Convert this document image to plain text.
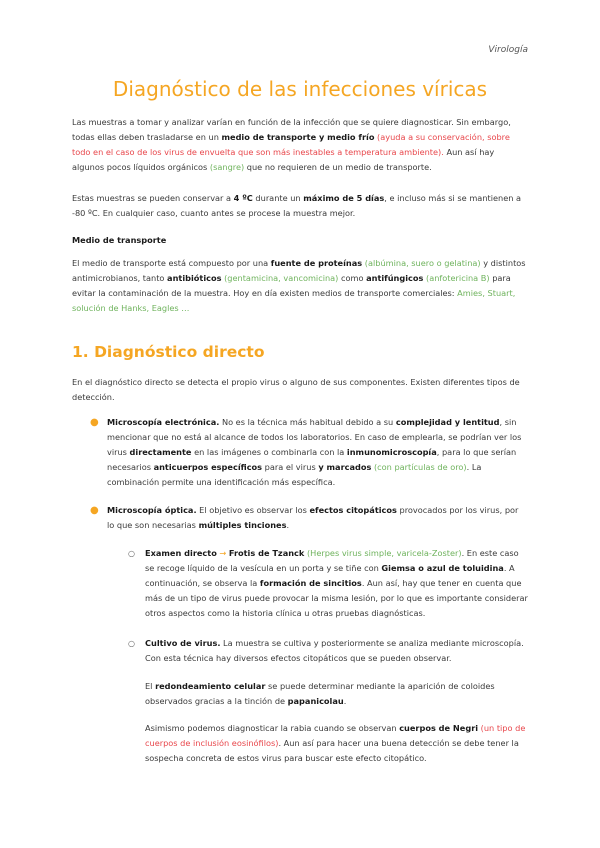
Virología
Diagnóstico de las infecciones víricas

Las muestras a tomar y analizar varían en función de la infección que se quiere diagnosticar. Sin embargo, todas ellas deben trasladarse en un medio de transporte y medio frío (ayuda a su conservación, sobre todo en el caso de los virus de envuelta que son más inestables a temperatura ambiente). Aun así hay algunos pocos líquidos orgánicos (sangre) que no requieren de un medio de transporte.

Estas muestras se pueden conservar a 4 ºC durante un máximo de 5 días, e incluso más si se mantienen a -80 ºC. En cualquier caso, cuanto antes se procese la muestra mejor.

Medio de transporte

El medio de transporte está compuesto por una fuente de proteínas (albúmina, suero o gelatina) y distintos antimicrobianos, tanto antibióticos (gentamicina, vancomicina) como antifúngicos (anfotericina B) para evitar la contaminación de la muestra. Hoy en día existen medios de transporte comerciales: Amies, Stuart, solución de Hanks, Eagles …

1. Diagnóstico directo

En el diagnóstico directo se detecta el propio virus o alguno de sus componentes. Existen diferentes tipos de detección.

● Microscopía electrónica. No es la técnica más habitual debido a su complejidad y lentitud, sin mencionar que no está al alcance de todos los laboratorios. En caso de emplearla, se podrían ver los virus directamente en las imágenes o combinarla con la inmunomicroscopía, para lo que serían necesarios anticuerpos específicos para el virus y marcados (con partículas de oro). La combinación permite una identificación más específica.

● Microscopía óptica. El objetivo es observar los efectos citopáticos provocados por los virus, por lo que son necesarias múltiples tinciones.

○ Examen directo → Frotis de Tzanck (Herpes virus simple, varicela-Zoster). En este caso se recoge líquido de la vesícula en un porta y se tiñe con Giemsa o azul de toluidina. A continuación, se observa la formación de sincitios. Aun así, hay que tener en cuenta que más de un tipo de virus puede provocar la misma lesión, por lo que es importante considerar otros aspectos como la historia clínica u otras pruebas diagnósticas.

○ Cultivo de virus. La muestra se cultiva y posteriormente se analiza mediante microscopía. Con esta técnica hay diversos efectos citopáticos que se pueden observar.

El redondeamiento celular se puede determinar mediante la aparición de coloides observados gracias a la tinción de papanicolau.

Asimismo podemos diagnosticar la rabia cuando se observan cuerpos de Negri (un tipo de cuerpos de inclusión eosinófilos). Aun así para hacer una buena detección se debe tener la sospecha concreta de estos virus para buscar este efecto citopático.
